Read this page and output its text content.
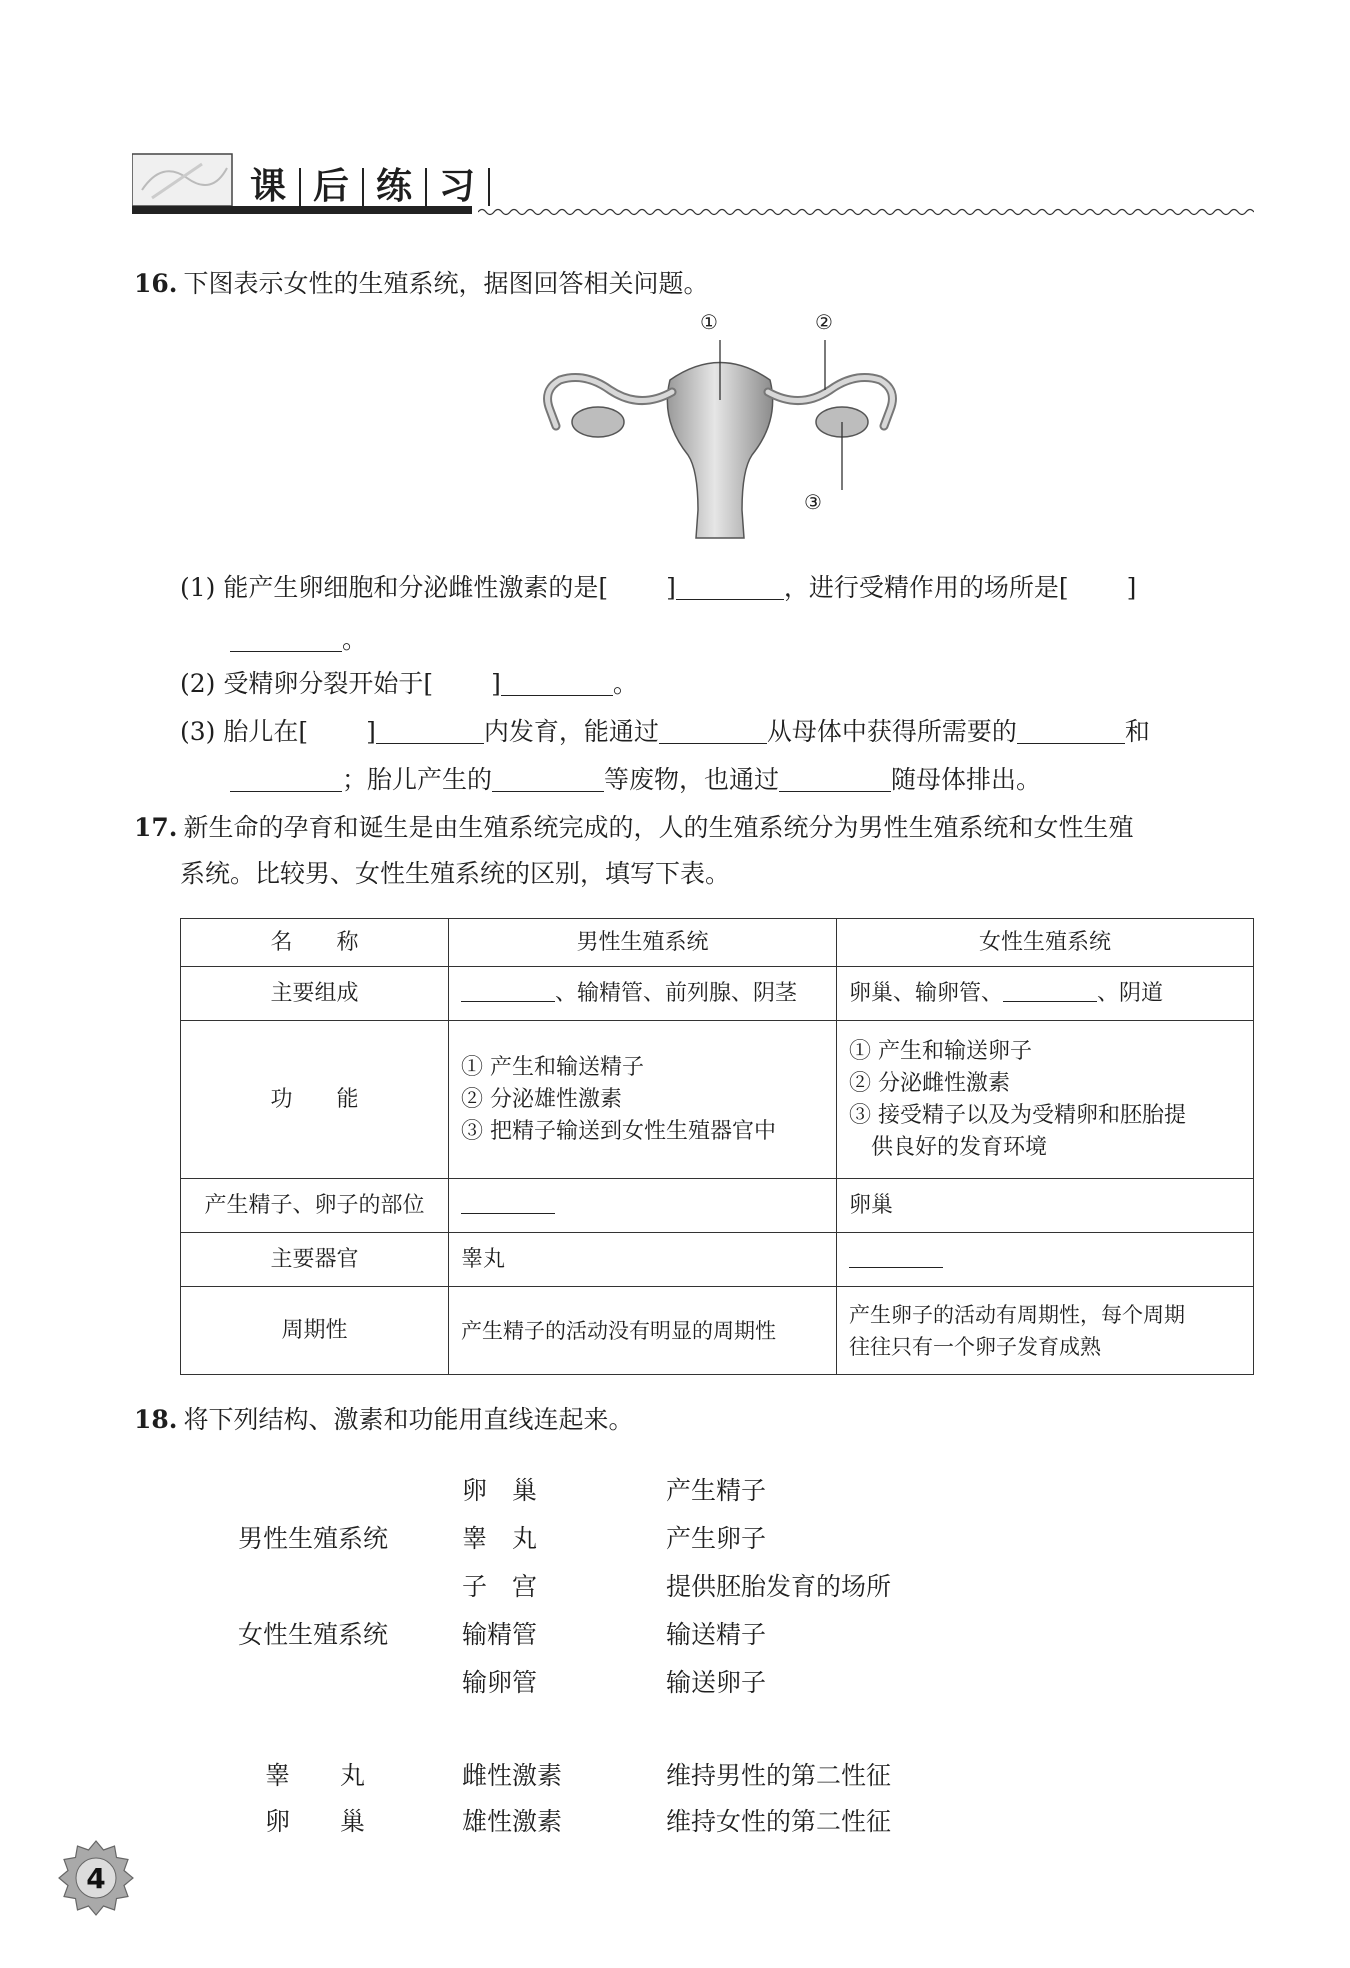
课 后 练 习
16. 下图表示女性的生殖系统，据图回答相关问题。
①	②
③
(1) 能产生卵细胞和分泌雌性激素的是[ ]	，进行受精作用的场所是[ ]
。
(2) 受精卵分裂开始于[ ]	。
(3) 胎儿在[ ]	内发育，能通过	从母体中获得所需要的	和
；胎儿产生的	等废物，也通过	随母体排出。
17. 新生命的孕育和诞生是由生殖系统完成的，人的生殖系统分为男性生殖系统和女性生殖
系统。比较男、女性生殖系统的区别，填写下表。
名　　称	男性生殖系统	女性生殖系统
主要组成	、输精管、前列腺、阴茎	卵巢、输卵管、 、阴道
功　　能	① 产生和输送精子
② 分泌雄性激素
③ 把精子输送到女性生殖器官中	① 产生和输送卵子
② 分泌雌性激素
③ 接受精子以及为受精卵和胚胎提
　供良好的发育环境

产生精子、卵子的部位		卵巢
主要器官	睾丸	
周期性	产生精子的活动没有明显的周期性	产生卵子的活动有周期性，每个周期
往往只有一个卵子发育成熟
18. 将下列结构、激素和功能用直线连起来。
男性生殖系统
女性生殖系统
卵　巢
睾　丸
子　宫
输精管
输卵管
产生精子
产生卵子
提供胚胎发育的场所
输送精子
输送卵子
睾　　丸
卵　　巢
雌性激素
雄性激素
维持男性的第二性征
维持女性的第二性征
4
